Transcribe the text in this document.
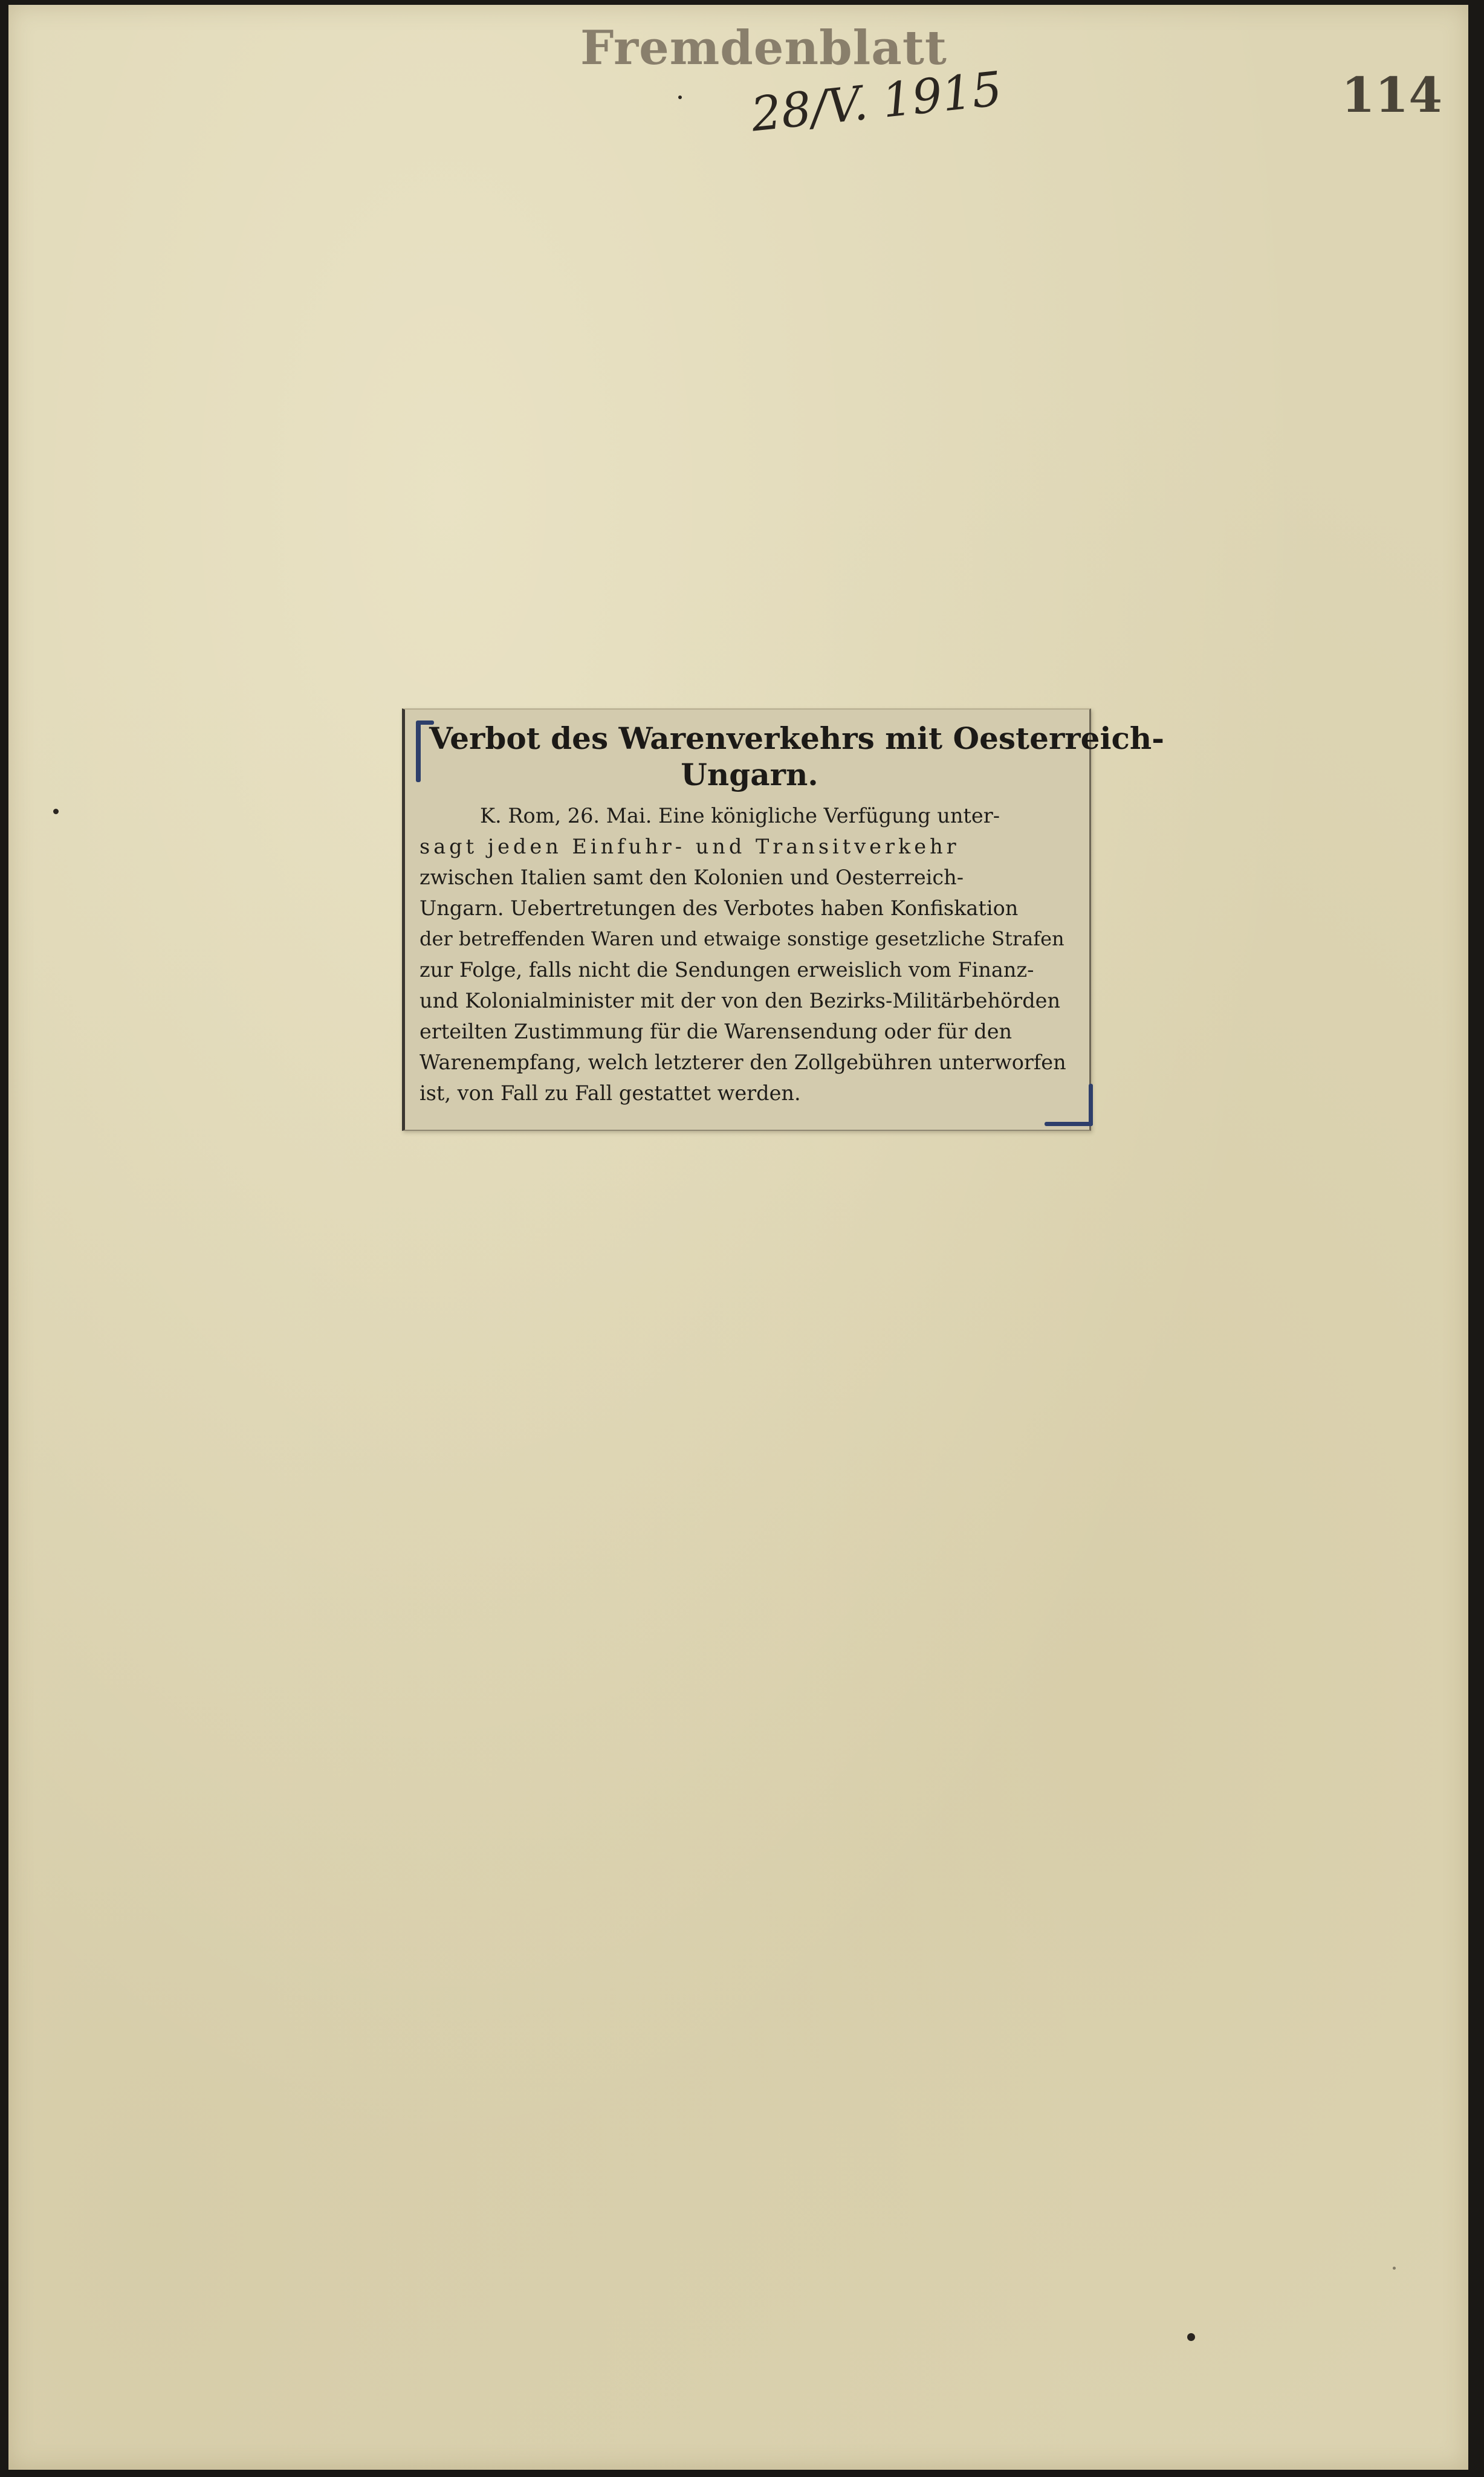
Fremdenblatt
28/V. 1915	114
Verbot des Warenverkehrs mit Oesterreich-
Ungarn.
K. Rom, 26. Mai. Eine königliche Verfügung unter-
sagt jeden Einfuhr- und Transitverkehr
zwischen Italien samt den Kolonien und Oesterreich-
Ungarn. Uebertretungen des Verbotes haben Konfiskation
der betreffenden Waren und etwaige sonstige gesetzliche Strafen
zur Folge, falls nicht die Sendungen erweislich vom Finanz-
und Kolonialminister mit der von den Bezirks-Militärbehörden
erteilten Zustimmung für die Warensendung oder für den
Warenempfang, welch letzterer den Zollgebühren unterworfen
ist, von Fall zu Fall gestattet werden.
